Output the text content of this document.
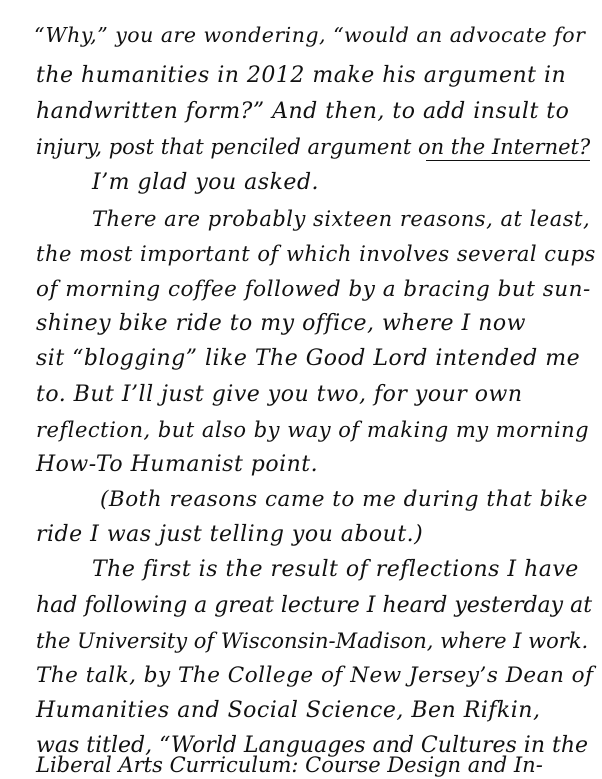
“Why,” you are wondering, “would an advocate for
the humanities in 2012 make his argument in
handwritten form?” And then, to add insult to
injury, post that penciled argument on the Internet?
I’m glad you asked.
There are probably sixteen reasons, at least,
the most important of which involves several cups
of morning coffee followed by a bracing but sun-
shiney bike ride to my office, where I now
sit “blogging” like The Good Lord intended me
to. But I’ll just give you two, for your own
reflection, but also by way of making my morning
How-To Humanist point.
(Both reasons came to me during that bike
ride I was just telling you about.)
The first is the result of reflections I have
had following a great lecture I heard yesterday at
the University of Wisconsin-Madison, where I work.
The talk, by The College of New Jersey’s Dean of
Humanities and Social Science, Ben Rifkin,
was titled, “World Languages and Cultures in the
Liberal Arts Curriculum: Course Design and In-
